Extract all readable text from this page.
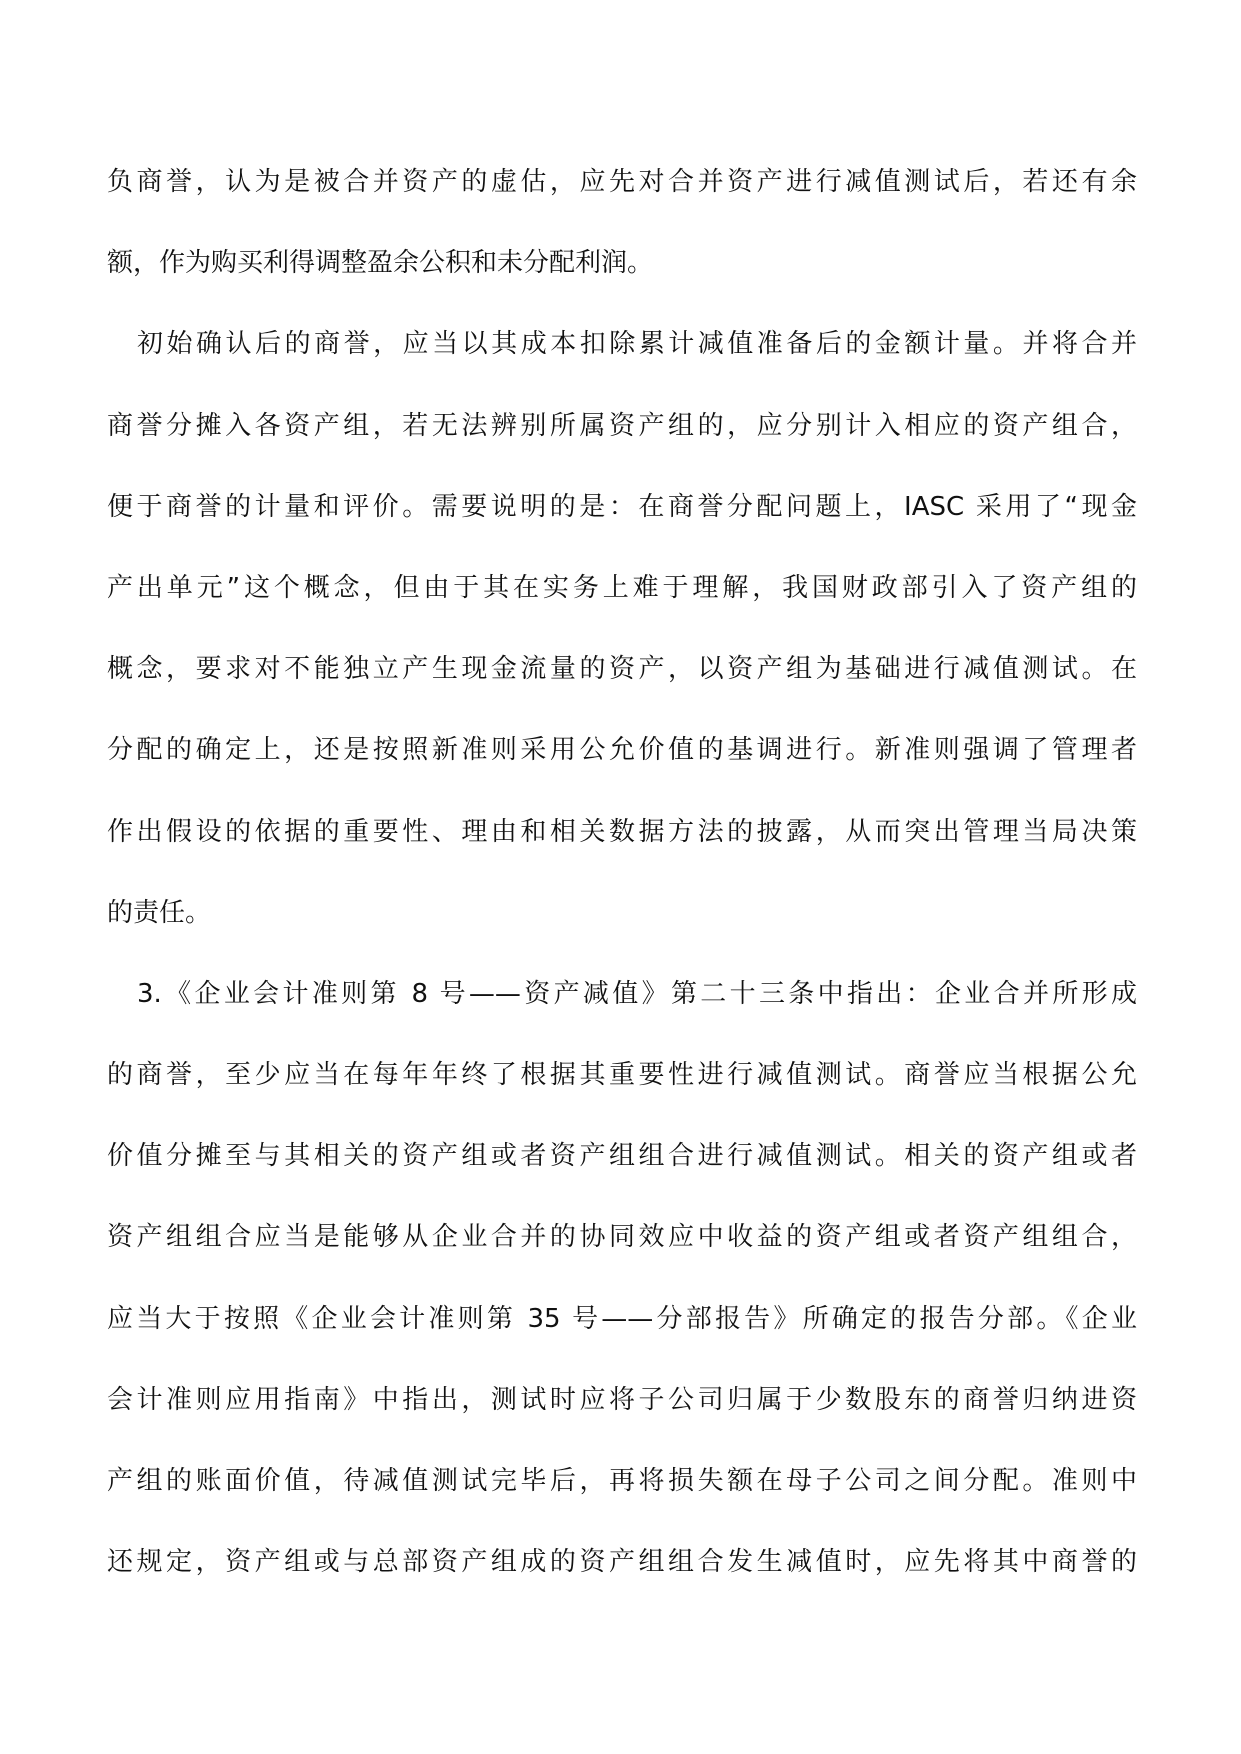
负商誉，认为是被合并资产的虚估，应先对合并资产进行减值测试后，若还有余
额，作为购买利得调整盈余公积和未分配利润。
初始确认后的商誉，应当以其成本扣除累计减值准备后的金额计量。并将合并
商誉分摊入各资产组，若无法辨别所属资产组的，应分别计入相应的资产组合，
便于商誉的计量和评价。需要说明的是：在商誉分配问题上，IASC 采用了“现金
产出单元”这个概念，但由于其在实务上难于理解，我国财政部引入了资产组的
概念，要求对不能独立产生现金流量的资产，以资产组为基础进行减值测试。在
分配的确定上，还是按照新准则采用公允价值的基调进行。新准则强调了管理者
作出假设的依据的重要性、理由和相关数据方法的披露，从而突出管理当局决策
的责任。
3.《企业会计准则第 8 号——资产减值》第二十三条中指出：企业合并所形成
的商誉，至少应当在每年年终了根据其重要性进行减值测试。商誉应当根据公允
价值分摊至与其相关的资产组或者资产组组合进行减值测试。相关的资产组或者
资产组组合应当是能够从企业合并的协同效应中收益的资产组或者资产组组合，
应当大于按照《企业会计准则第 35 号——分部报告》所确定的报告分部。《企业
会计准则应用指南》中指出，测试时应将子公司归属于少数股东的商誉归纳进资
产组的账面价值，待减值测试完毕后，再将损失额在母子公司之间分配。准则中
还规定，资产组或与总部资产组成的资产组组合发生减值时，应先将其中商誉的
